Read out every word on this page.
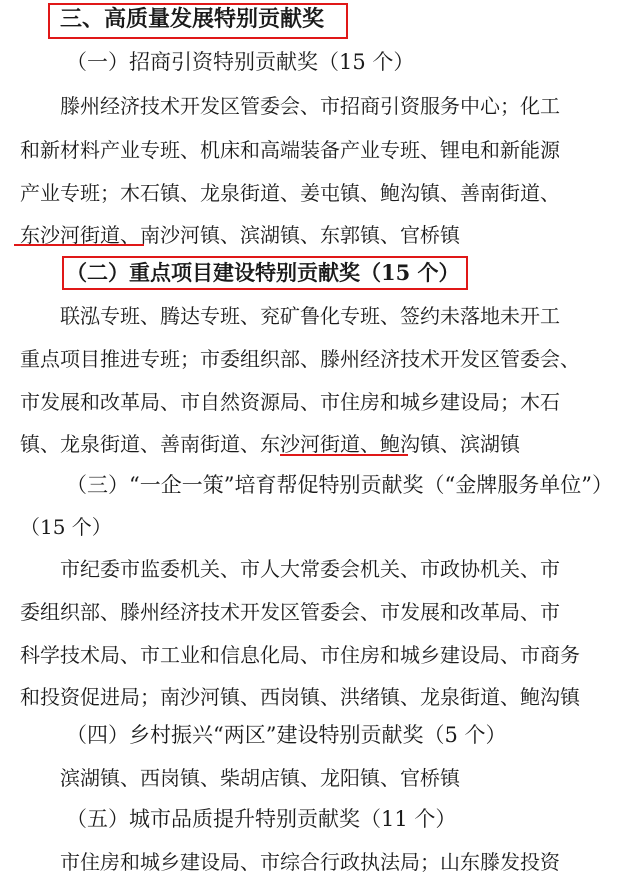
三、高质量发展特别贡献奖
（一）招商引资特别贡献奖（15 个）
滕州经济技术开发区管委会、市招商引资服务中心；化工
和新材料产业专班、机床和高端装备产业专班、锂电和新能源
产业专班；木石镇、龙泉街道、姜屯镇、鲍沟镇、善南街道、
东沙河街道、南沙河镇、滨湖镇、东郭镇、官桥镇
（二）重点项目建设特别贡献奖（15 个）
联泓专班、腾达专班、兖矿鲁化专班、签约未落地未开工
重点项目推进专班；市委组织部、滕州经济技术开发区管委会、
市发展和改革局、市自然资源局、市住房和城乡建设局；木石
镇、龙泉街道、善南街道、东沙河街道、鲍沟镇、滨湖镇
（三）“一企一策”培育帮促特别贡献奖（“金牌服务单位”）
（15 个）
市纪委市监委机关、市人大常委会机关、市政协机关、市
委组织部、滕州经济技术开发区管委会、市发展和改革局、市
科学技术局、市工业和信息化局、市住房和城乡建设局、市商务
和投资促进局；南沙河镇、西岗镇、洪绪镇、龙泉街道、鲍沟镇
（四）乡村振兴“两区”建设特别贡献奖（5 个）
滨湖镇、西岗镇、柴胡店镇、龙阳镇、官桥镇
（五）城市品质提升特别贡献奖（11 个）
市住房和城乡建设局、市综合行政执法局；山东滕发投资
